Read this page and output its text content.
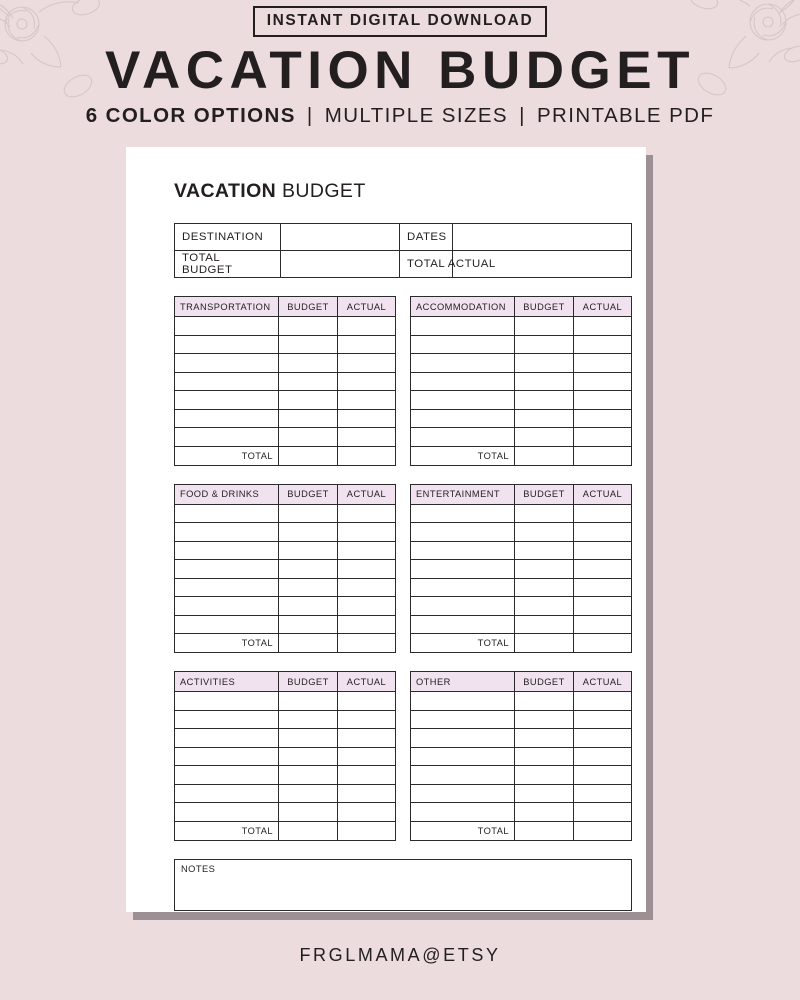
INSTANT DIGITAL DOWNLOAD
VACATION BUDGET
6 COLOR OPTIONS | MULTIPLE SIZES | PRINTABLE PDF
VACATION BUDGET
DESTINATION		DATES	
TOTAL BUDGET		TOTAL ACTUAL	
TRANSPORTATION	BUDGET	ACTUAL

TOTAL		
ACCOMMODATION	BUDGET	ACTUAL

TOTAL		
FOOD & DRINKS	BUDGET	ACTUAL

TOTAL		
ENTERTAINMENT	BUDGET	ACTUAL

TOTAL		
ACTIVITIES	BUDGET	ACTUAL

TOTAL		
OTHER	BUDGET	ACTUAL

TOTAL		
NOTES
FRGLMAMA@ETSY
